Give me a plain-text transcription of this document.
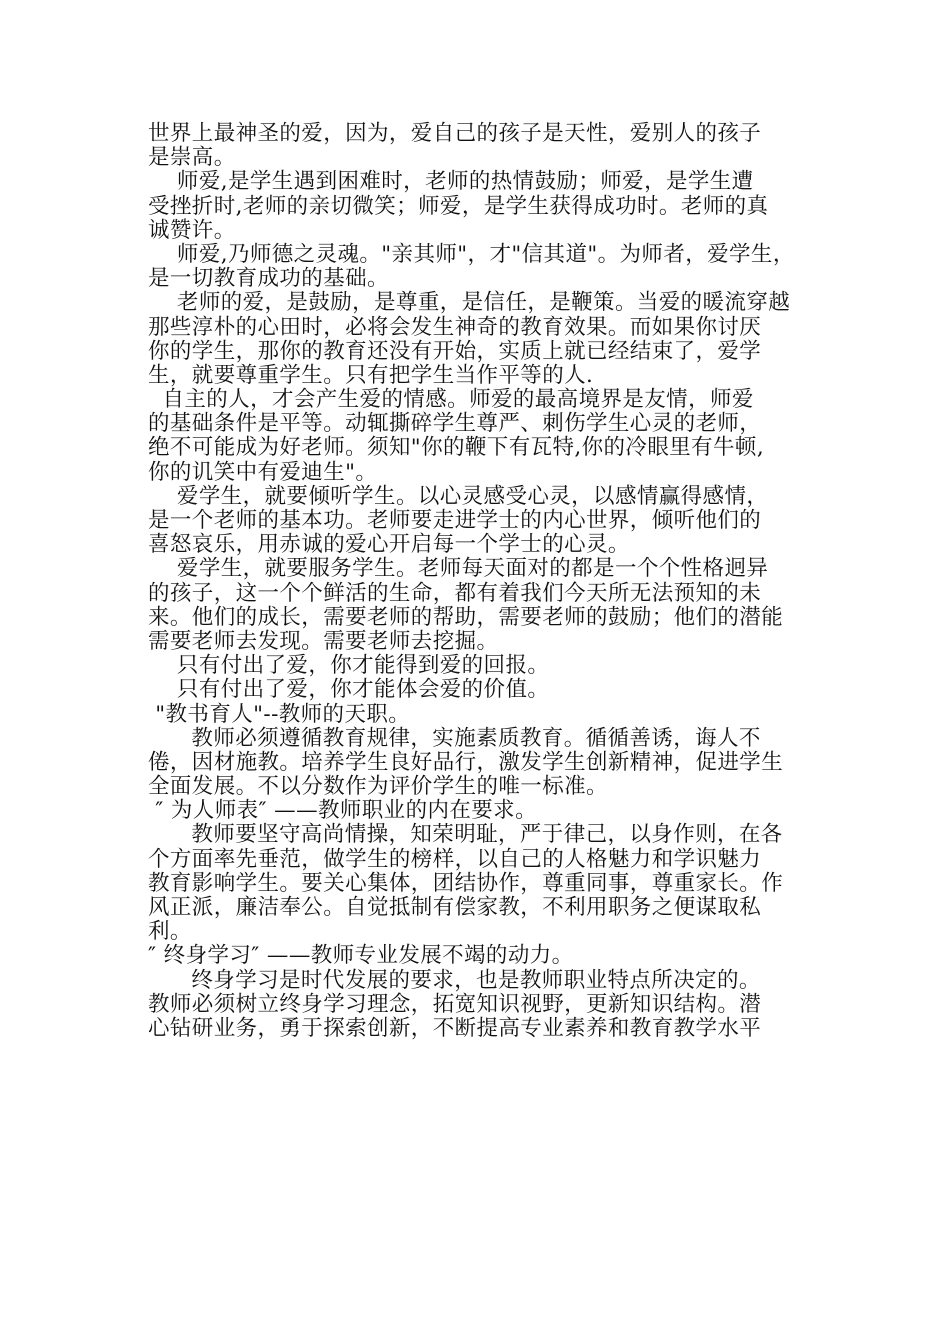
世界上最神圣的爱，因为，爱自己的孩子是天性，爱别人的孩子
是崇高。
师爱,是学生遇到困难时，老师的热情鼓励；师爱，是学生遭
受挫折时,老师的亲切微笑；师爱，是学生获得成功时。老师的真
诚赞许。
师爱,乃师德之灵魂。"亲其师"，才"信其道"。为师者，爱学生，
是一切教育成功的基础。
老师的爱，是鼓励，是尊重，是信任，是鞭策。当爱的暖流穿越
那些淳朴的心田时，必将会发生神奇的教育效果。而如果你讨厌
你的学生，那你的教育还没有开始，实质上就已经结束了，爱学
生，就要尊重学生。只有把学生当作平等的人.
自主的人，才会产生爱的情感。师爱的最高境界是友情，师爱
的基础条件是平等。动辄撕碎学生尊严、刺伤学生心灵的老师，
绝不可能成为好老师。须知"你的鞭下有瓦特,你的冷眼里有牛顿,
你的讥笑中有爱迪生"。
爱学生，就要倾听学生。以心灵感受心灵，以感情赢得感情，
是一个老师的基本功。老师要走进学士的内心世界，倾听他们的
喜怒哀乐，用赤诚的爱心开启每一个学士的心灵。
爱学生，就要服务学生。老师每天面对的都是一个个性格迥异
的孩子，这一个个鲜活的生命，都有着我们今天所无法预知的未
来。他们的成长，需要老师的帮助，需要老师的鼓励；他们的潜能
需要老师去发现。需要老师去挖掘。
只有付出了爱，你才能得到爱的回报。
只有付出了爱，你才能体会爱的价值。
"教书育人"--教师的天职。
教师必须遵循教育规律，实施素质教育。循循善诱，诲人不
倦，因材施教。培养学生良好品行，激发学生创新精神，促进学生
全面发展。不以分数作为评价学生的唯一标准。
″ 为人师表″ ——教师职业的内在要求。
教师要坚守高尚情操，知荣明耻，严于律己，以身作则，在各
个方面率先垂范，做学生的榜样，以自己的人格魅力和学识魅力
教育影响学生。要关心集体，团结协作，尊重同事，尊重家长。作
风正派，廉洁奉公。自觉抵制有偿家教，不利用职务之便谋取私
利。
″ 终身学习″ ——教师专业发展不竭的动力。
终身学习是时代发展的要求，也是教师职业特点所决定的。
教师必须树立终身学习理念，拓宽知识视野，更新知识结构。潜
心钻研业务，勇于探索创新，不断提高专业素养和教育教学水平
